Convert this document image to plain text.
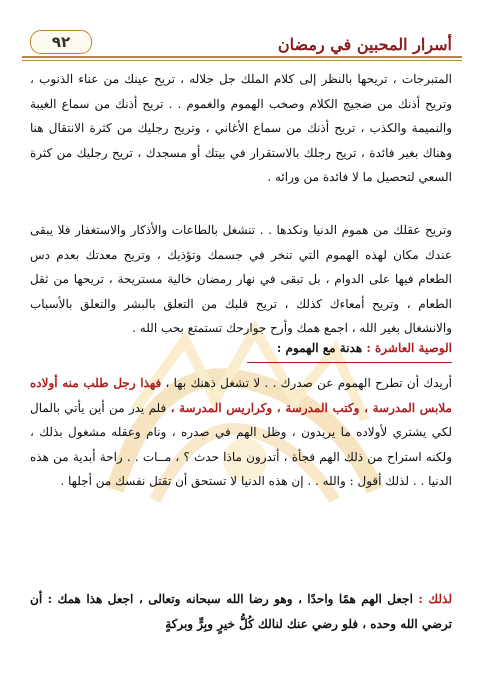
٩٢	أسرار المحبين في رمضان
المتبرجات ، تريحها بالنظر إلى كلام الملك جل جلاله ، تريح عينك من عناء الذنوب ، وتريح أذنك من ضجيج الكلام وصخب الهموم والغموم . . تريح أذنك من سماع الغيبة والنميمة والكذب ، تريح أذنك من سماع الأغاني ، وتريح رجليك من كثرة الانتقال هنا وهناك بغير فائدة ، تريح رجلك بالاستقرار في بيتك أو مسجدك ، تريح رجليك من كثرة السعي لتحصيل ما لا فائدة من ورائه .
وتريح عقلك من هموم الدنيا ونكدها . . تنشغل بالطاعات والأذكار والاستغفار فلا يبقى عندك مكان لهذه الهموم التي تنخر في جسمك وتؤذيك ، وتريح معدتك بعدم دس الطعام فيها على الدوام ، بل تبقى في نهار رمضان خالية مستريحة ، تريحها من ثقل الطعام ، وتريح أمعاءك كذلك ، تريح قلبك من التعلق بالبشر والتعلق بالأسباب والانشغال بغير الله ، اجمع همك وأرح جوارحك تستمتع بحب الله .
الوصية العاشرة : هدنة مع الهموم :
أريدك أن تطرح الهموم عن صدرك . . لا تشغل ذهنك بها ، فهذا رجل طلب منه أولاده ملابس المدرسة ، وكتب المدرسة ، وكراريس المدرسة ، فلم يدر من أين يأتي بالمال لكي يشتري لأولاده ما يريدون ، وظل الهم في صدره ، ونام وعقله مشغول بذلك ، ولكنه استراح من ذلك الهم فجأة ، أتدرون ماذا حدث ؟ ، مــات . . راحة أبدية من هذه الدنيا . . لذلك أقول : والله . . إن هذه الدنيا لا تستحق أن تقتل نفسك من أجلها .
لذلك : اجعل الهم همًا واحدًا ، وهو رضا الله سبحانه وتعالى ، اجعل هذا همك : أن ترضي الله وحده ، فلو رضي عنك لنالك كُلُّ خيرٍ وبِرٍّ وبركةٍ
